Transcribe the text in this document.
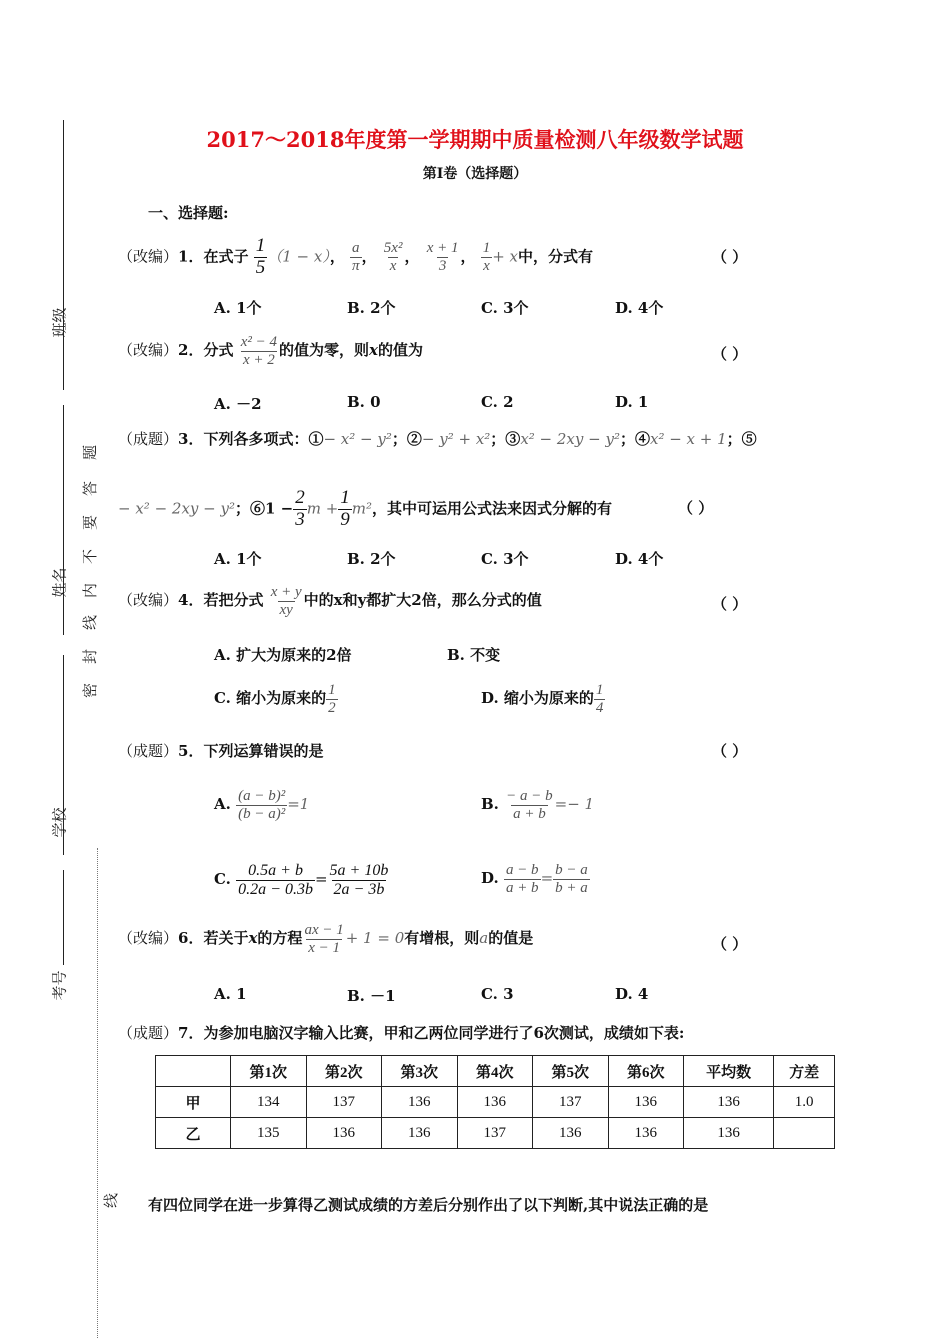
班级
姓名
学校
考号
题
答
要
不
内
线
封
密
线
2017～2018年度第一学期期中质量检测八年级数学试题
第I卷（选择题）
一、选择题:
（改编）1．在式子 $\frac{1}{5} (1 - x)$， $\frac{a}{\pi}$ ， $\frac{\text{5x²}}{x}$ ， $\frac{x + 1}{3}$ ， $\frac{1}{x} + x$中，分式有	（ ）
A. 1个	B. 2个	C. 3个	D. 4个
（改编）2．分式 $\frac{\text{x² − 4}}{x + 2}$ 的值为零，则x的值为	（ ）
A. －2	B. 0	C. 2	D. 1
（成题）3．下列各多项式：①− x² − y²；②− y² + x²；③x² − 2xy − y²；④x² − x + 1；⑤
− x² − 2xy − y²；⑥1 − $\frac{2}{3}$ $m + \frac{1}{9} m^2$，其中可运用公式法来因式分解的有	（ ）
A. 1个	B. 2个	C. 3个	D. 4个
（改编）4．若把分式 $\frac{x + y}{xy}$ 中的x和y都扩大2倍，那么分式的值	（ ）
A. 扩大为原来的2倍	B. 不变
C. 缩小为原来的 $\frac{1}{2}$	D. 缩小为原来的 $\frac{1}{4}$
（成题）5．下列运算错误的是	（ ）
A. $\frac{\text{(a − b)²}}{\text{(b − a)²}} =1$	B. $\frac{- a - b}{a + b} =- 1$
C. $\frac{0.5a + b}{0.2a - 0.3b} = \frac{5a + 10b}{2a - 3b}$	D. $\frac{a - b}{a + b} = \frac{b - a}{b + a}$
（改编）6．若关于x的方程 $\frac{ax - 1}{x - 1} + 1 = 0$有增根，则a的值是	（ ）
A. 1	B. －1	C. 3	D. 4
（成题）7．为参加电脑汉字输入比赛，甲和乙两位同学进行了6次测试，成绩如下表:
	第1次	第2次	第3次	第4次	第5次	第6次	平均数	方差
甲	134	137	136	136	137	136	136	1.0
乙	135	136	136	137	136	136	136	
有四位同学在进一步算得乙测试成绩的方差后分别作出了以下判断,其中说法正确的是
